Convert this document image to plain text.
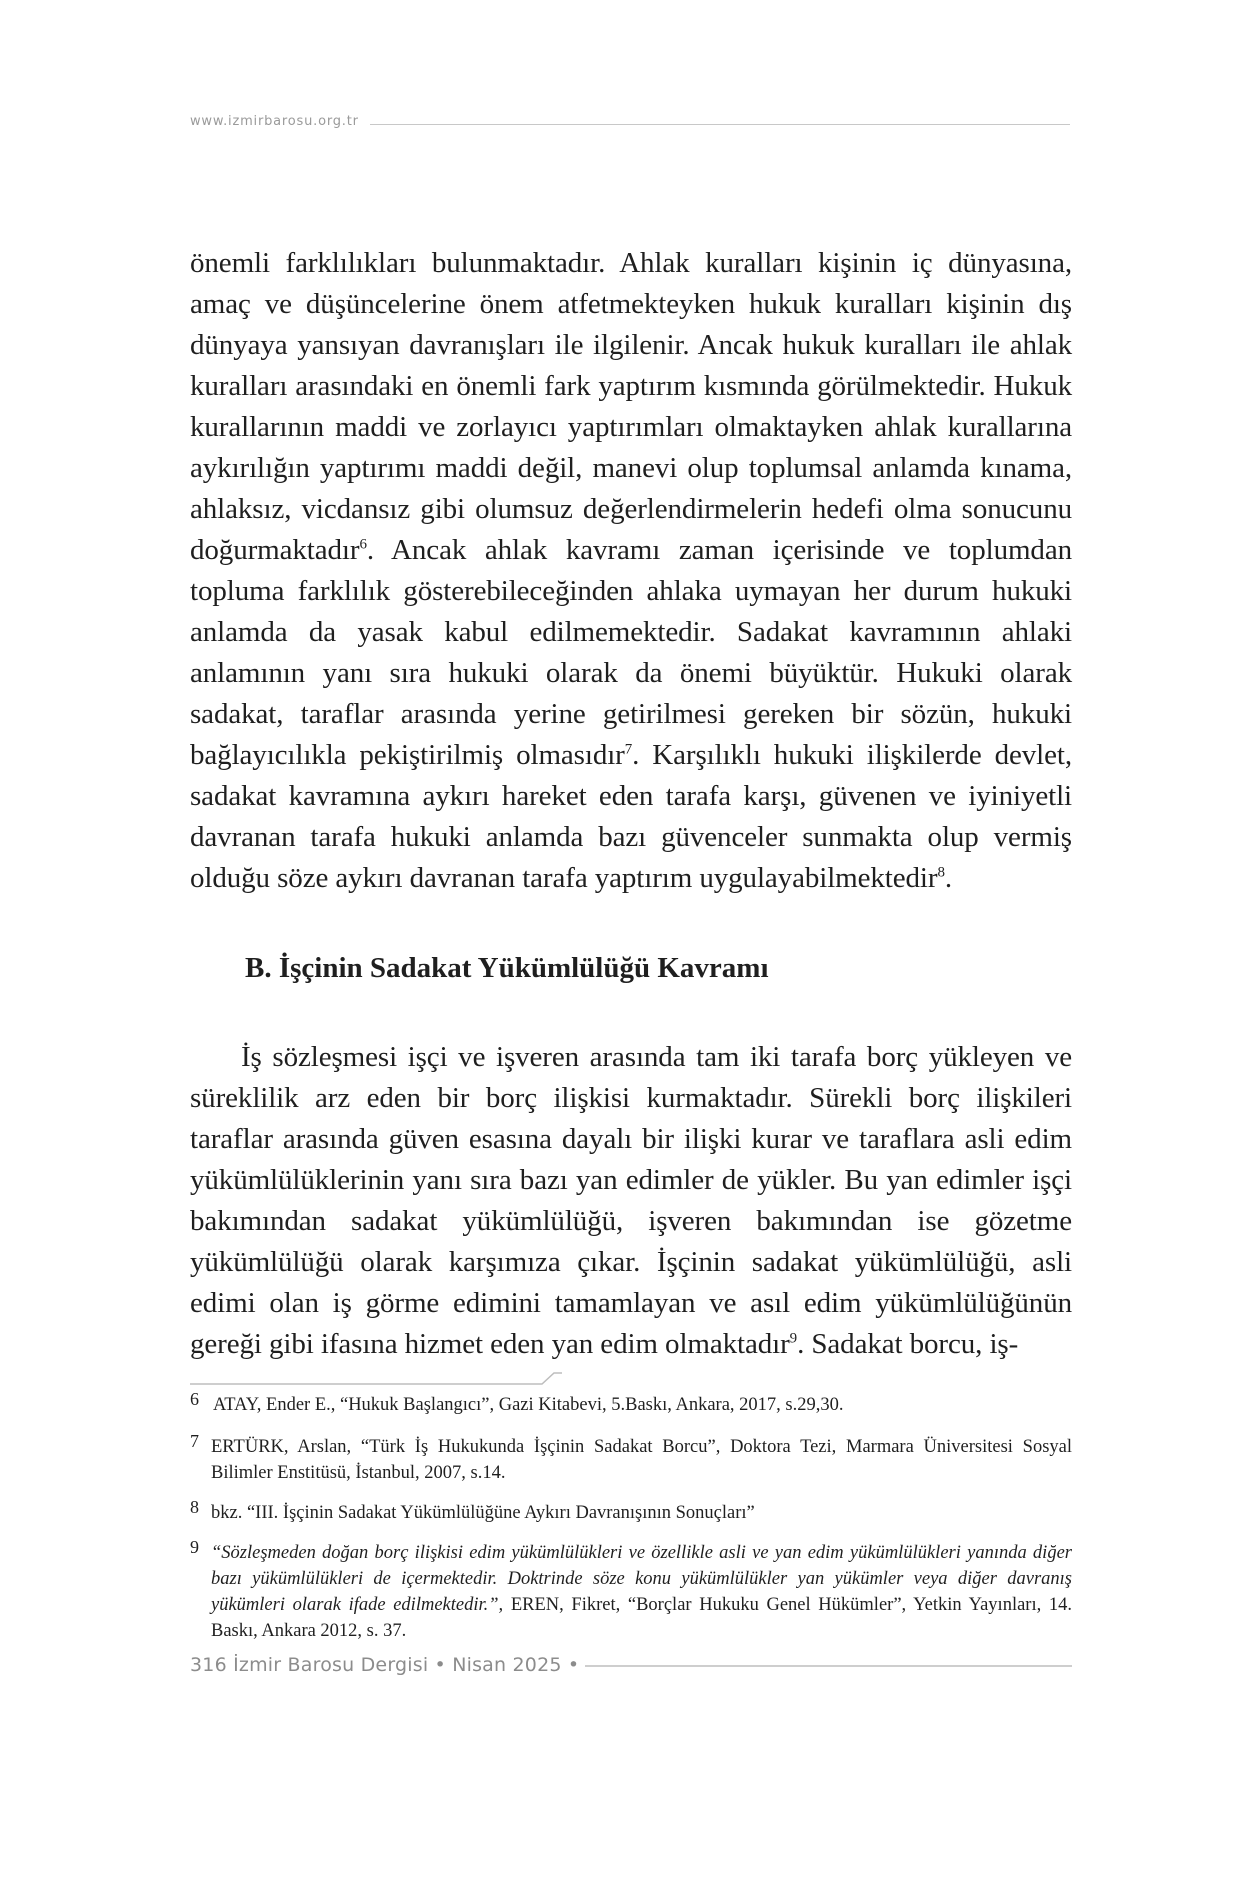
www.izmirbarosu.org.tr

önemli farklılıkları bulunmaktadır. Ahlak kuralları kişinin iç dünyasına, amaç ve düşüncelerine önem atfetmekteyken hukuk kuralları kişinin dış dünyaya yansıyan davranışları ile ilgilenir. Ancak hukuk kuralları ile ahlak kuralları arasındaki en önemli fark yaptırım kısmında görülmektedir. Hukuk kurallarının maddi ve zorlayıcı yaptırımları olmaktayken ahlak kurallarına aykırılığın yaptırımı maddi değil, manevi olup toplumsal anlamda kınama, ahlaksız, vicdansız gibi olumsuz değerlendirmelerin hedefi olma sonucunu doğurmaktadır$^6$. Ancak ahlak kavramı zaman içerisinde ve toplumdan topluma farklılık gösterebileceğinden ahlaka uymayan her durum hukuki anlamda da yasak kabul edilmemektedir. Sadakat kavramının ahlaki anlamının yanı sıra hukuki olarak da önemi büyüktür. Hukuki olarak sadakat, taraflar arasında yerine getirilmesi gereken bir sözün, hukuki bağlayıcılıkla pekiştirilmiş olmasıdır$^7$. Karşılıklı hukuki ilişkilerde devlet, sadakat kavramına aykırı hareket eden tarafa karşı, güvenen ve iyiniyetli davranan tarafa hukuki anlamda bazı güvenceler sunmakta olup vermiş olduğu söze aykırı davranan tarafa yaptırım uygulayabilmektedir$^8$.

B. İşçinin Sadakat Yükümlülüğü Kavramı

İş sözleşmesi işçi ve işveren arasında tam iki tarafa borç yükleyen ve süreklilik arz eden bir borç ilişkisi kurmaktadır. Sürekli borç ilişkileri taraflar arasında güven esasına dayalı bir ilişki kurar ve taraflara asli edim yükümlülüklerinin yanı sıra bazı yan edimler de yükler. Bu yan edimler işçi bakımından sadakat yükümlülüğü, işveren bakımından ise gözetme yükümlülüğü olarak karşımıza çıkar. İşçinin sadakat yükümlülüğü, asli edimi olan iş görme edimini tamamlayan ve asıl edim yükümlülüğünün gereği gibi ifasına hizmet eden yan edim olmaktadır$^9$. Sadakat borcu, iş-

6 ATAY, Ender E., “Hukuk Başlangıcı”, Gazi Kitabevi, 5.Baskı, Ankara, 2017, s.29,30.

7 ERTÜRK, Arslan, “Türk İş Hukukunda İşçinin Sadakat Borcu”, Doktora Tezi, Marmara Üniversitesi Sosyal Bilimler Enstitüsü, İstanbul, 2007, s.14.

8 bkz. “III. İşçinin Sadakat Yükümlülüğüne Aykırı Davranışının Sonuçları”

9 “Sözleşmeden doğan borç ilişkisi edim yükümlülükleri ve özellikle asli ve yan edim yükümlülükleri yanında diğer bazı yükümlülükleri de içermektedir. Doktrinde söze konu yükümlülükler yan yükümler veya diğer davranış yükümleri olarak ifade edilmektedir.”, EREN, Fikret, “Borçlar Hukuku Genel Hükümler”, Yetkin Yayınları, 14. Baskı, Ankara 2012, s. 37.

316 İzmir Barosu Dergisi • Nisan 2025 •
